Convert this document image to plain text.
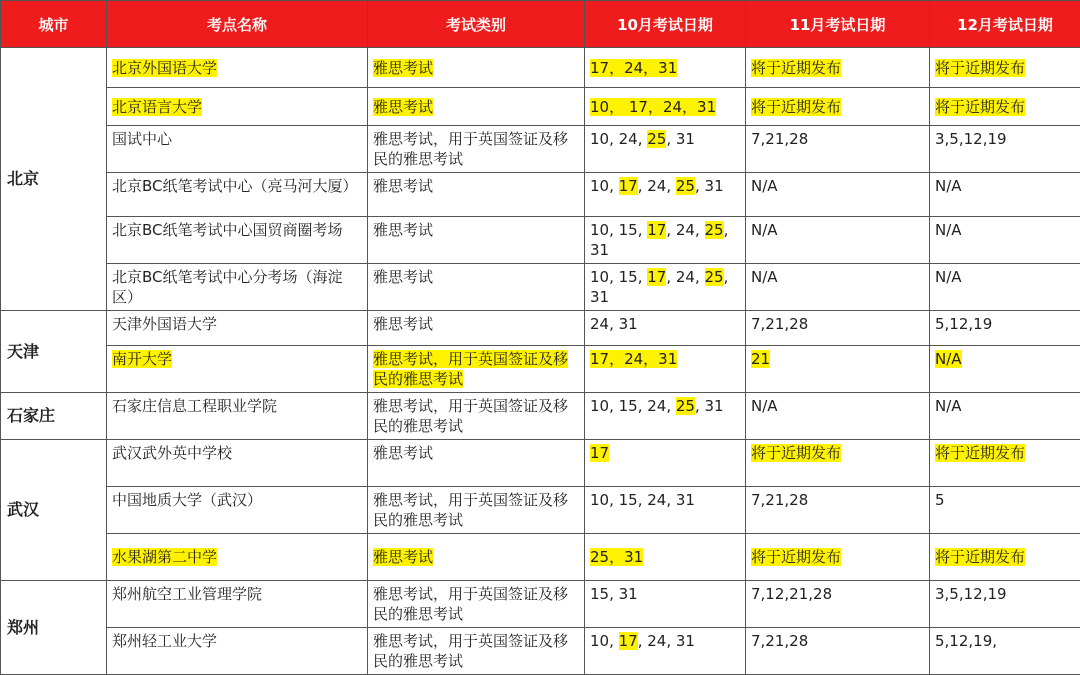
城市	考点名称	考试类别	10月考试日期	11月考试日期	12月考试日期
北京	北京外国语大学	雅思考试	17，24，31	将于近期发布	将于近期发布
	北京语言大学	雅思考试	10， 17，24，31	将于近期发布	将于近期发布
	国试中心	雅思考试，用于英国签证及移民的雅思考试	10, 24, 25, 31	7,21,28	3,5,12,19
	北京BC纸笔考试中心（亮马河大厦）	雅思考试	10, 17, 24, 25, 31	N/A	N/A
	北京BC纸笔考试中心国贸商圈考场	雅思考试	10, 15, 17, 24, 25, 31	N/A	N/A
	北京BC纸笔考试中心分考场（海淀区）	雅思考试	10, 15, 17, 24, 25, 31	N/A	N/A
天津	天津外国语大学	雅思考试	24, 31	7,21,28	5,12,19
	南开大学	雅思考试，用于英国签证及移民的雅思考试	17，24，31	21	N/A
石家庄	石家庄信息工程职业学院	雅思考试，用于英国签证及移民的雅思考试	10, 15, 24, 25, 31	N/A	N/A
武汉	武汉武外英中学校	雅思考试	17	将于近期发布	将于近期发布
	中国地质大学（武汉）	雅思考试，用于英国签证及移民的雅思考试	10, 15, 24, 31	7,21,28	5
	水果湖第二中学	雅思考试	25，31	将于近期发布	将于近期发布
郑州	郑州航空工业管理学院	雅思考试，用于英国签证及移民的雅思考试	15, 31	7,12,21,28	3,5,12,19
	郑州轻工业大学	雅思考试，用于英国签证及移民的雅思考试	10, 17, 24, 31	7,21,28	5,12,19,
